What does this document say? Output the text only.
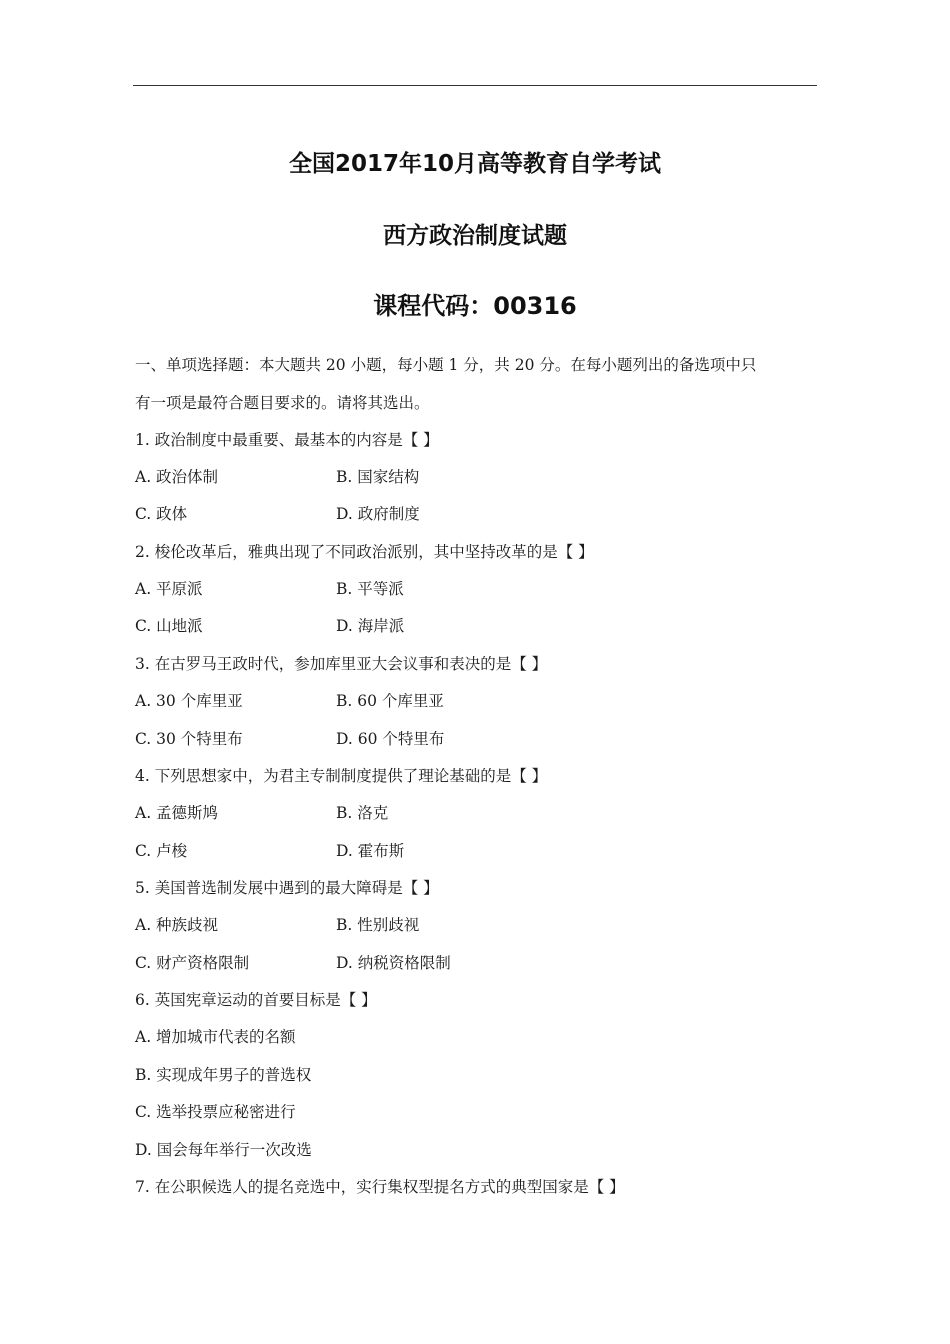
全国2017年10月高等教育自学考试
西方政治制度试题
课程代码：00316
一、单项选择题：本大题共 20 小题，每小题 1 分，共 20 分。在每小题列出的备选项中只
有一项是最符合题目要求的。请将其选出。
1. 政治制度中最重要、最基本的内容是【 】
A. 政治体制	B. 国家结构
C. 政体	D. 政府制度
2. 梭伦改革后，雅典出现了不同政治派别，其中坚持改革的是【 】
A. 平原派	B. 平等派
C. 山地派	D. 海岸派
3. 在古罗马王政时代，参加库里亚大会议事和表决的是【 】
A. 30 个库里亚	B. 60 个库里亚
C. 30 个特里布	D. 60 个特里布
4. 下列思想家中，为君主专制制度提供了理论基础的是【 】
A. 孟德斯鸠	B. 洛克
C. 卢梭	D. 霍布斯
5. 美国普选制发展中遇到的最大障碍是【 】
A. 种族歧视	B. 性别歧视
C. 财产资格限制	D. 纳税资格限制
6. 英国宪章运动的首要目标是【 】
A. 增加城市代表的名额
B. 实现成年男子的普选权
C. 选举投票应秘密进行
D. 国会每年举行一次改选
7. 在公职候选人的提名竞选中，实行集权型提名方式的典型国家是【 】
